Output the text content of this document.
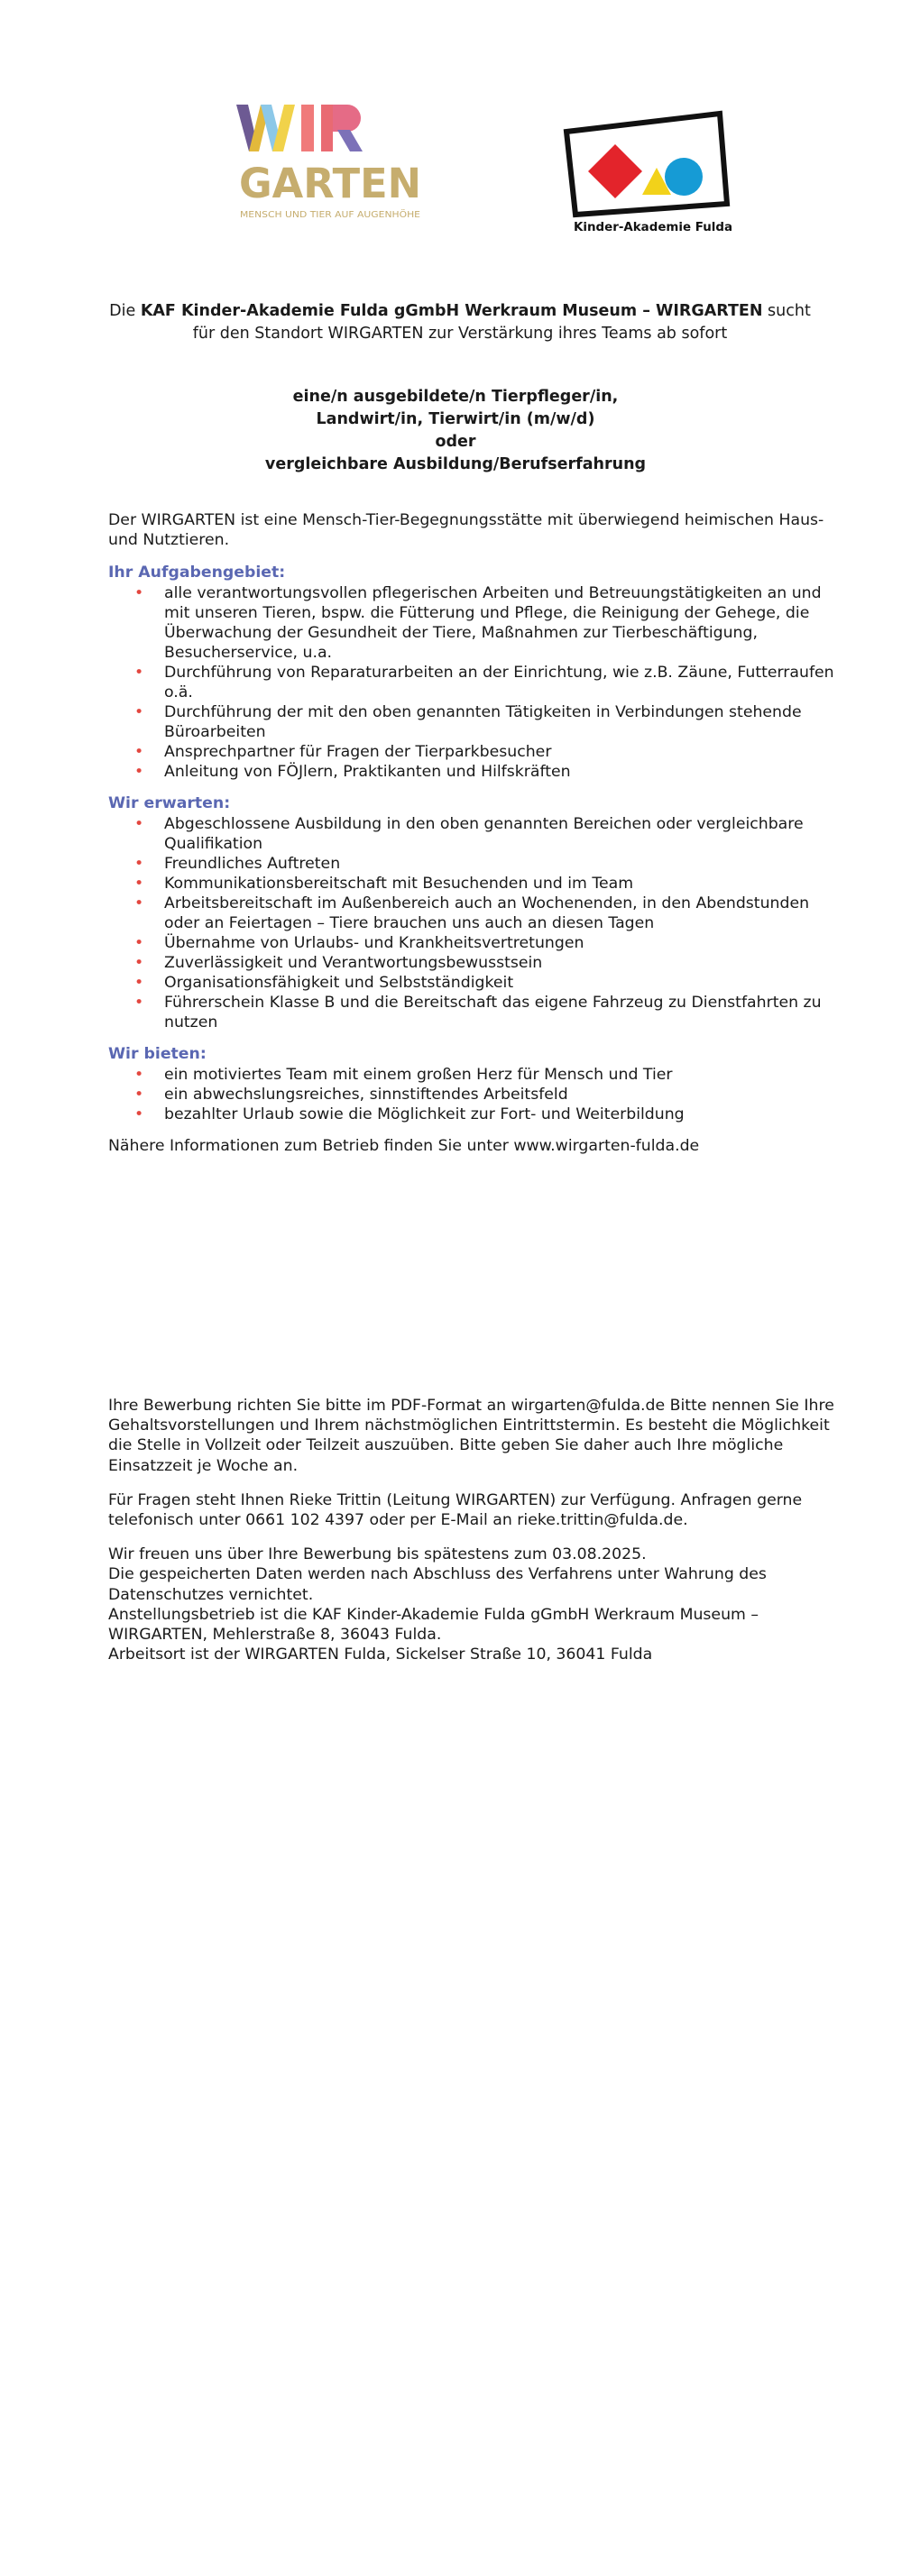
GARTEN
MENSCH UND TIER AUF AUGENHÖHE
Kinder-Akademie Fulda
Die KAF Kinder-Akademie Fulda gGmbH Werkraum Museum – WIRGARTEN sucht für den Standort WIRGARTEN zur Verstärkung ihres Teams ab sofort
eine/n ausgebildete/n Tierpfleger/in,
Landwirt/in, Tierwirt/in (m/w/d)
oder
vergleichbare Ausbildung/Berufserfahrung

Der WIRGARTEN ist eine Mensch-Tier-Begegnungsstätte mit überwiegend heimischen Haus- und Nutztieren.

Ihr Aufgabengebiet:
• alle verantwortungsvollen pflegerischen Arbeiten und Betreuungstätigkeiten an und mit unseren Tieren, bspw. die Fütterung und Pflege, die Reinigung der Gehege, die Überwachung der Gesundheit der Tiere, Maßnahmen zur Tierbeschäftigung, Besucherservice, u.a.
• Durchführung von Reparaturarbeiten an der Einrichtung, wie z.B. Zäune, Futterraufen o.ä.
• Durchführung der mit den oben genannten Tätigkeiten in Verbindungen stehende Büroarbeiten
• Ansprechpartner für Fragen der Tierparkbesucher
• Anleitung von FÖJlern, Praktikanten und Hilfskräften
Wir erwarten:
• Abgeschlossene Ausbildung in den oben genannten Bereichen oder vergleichbare Qualifikation
• Freundliches Auftreten
• Kommunikationsbereitschaft mit Besuchenden und im Team
• Arbeitsbereitschaft im Außenbereich auch an Wochenenden, in den Abendstunden oder an Feiertagen – Tiere brauchen uns auch an diesen Tagen
• Übernahme von Urlaubs- und Krankheitsvertretungen
• Zuverlässigkeit und Verantwortungsbewusstsein
• Organisationsfähigkeit und Selbstständigkeit
• Führerschein Klasse B und die Bereitschaft das eigene Fahrzeug zu Dienstfahrten zu nutzen
Wir bieten:
• ein motiviertes Team mit einem großen Herz für Mensch und Tier
• ein abwechslungsreiches, sinnstiftendes Arbeitsfeld
• bezahlter Urlaub sowie die Möglichkeit zur Fort- und Weiterbildung

Nähere Informationen zum Betrieb finden Sie unter www.wirgarten-fulda.de

Ihre Bewerbung richten Sie bitte im PDF-Format an wirgarten@fulda.de Bitte nennen Sie Ihre Gehaltsvorstellungen und Ihrem nächstmöglichen Eintrittstermin. Es besteht die Möglichkeit die Stelle in Vollzeit oder Teilzeit auszuüben. Bitte geben Sie daher auch Ihre mögliche Einsatzzeit je Woche an.

Für Fragen steht Ihnen Rieke Trittin (Leitung WIRGARTEN) zur Verfügung. Anfragen gerne telefonisch unter 0661 102 4397 oder per E-Mail an rieke.trittin@fulda.de.

Wir freuen uns über Ihre Bewerbung bis spätestens zum 03.08.2025.
Die gespeicherten Daten werden nach Abschluss des Verfahrens unter Wahrung des Datenschutzes vernichtet.
Anstellungsbetrieb ist die KAF Kinder-Akademie Fulda gGmbH Werkraum Museum – WIRGARTEN, Mehlerstraße 8, 36043 Fulda.
Arbeitsort ist der WIRGARTEN Fulda, Sickelser Straße 10, 36041 Fulda
